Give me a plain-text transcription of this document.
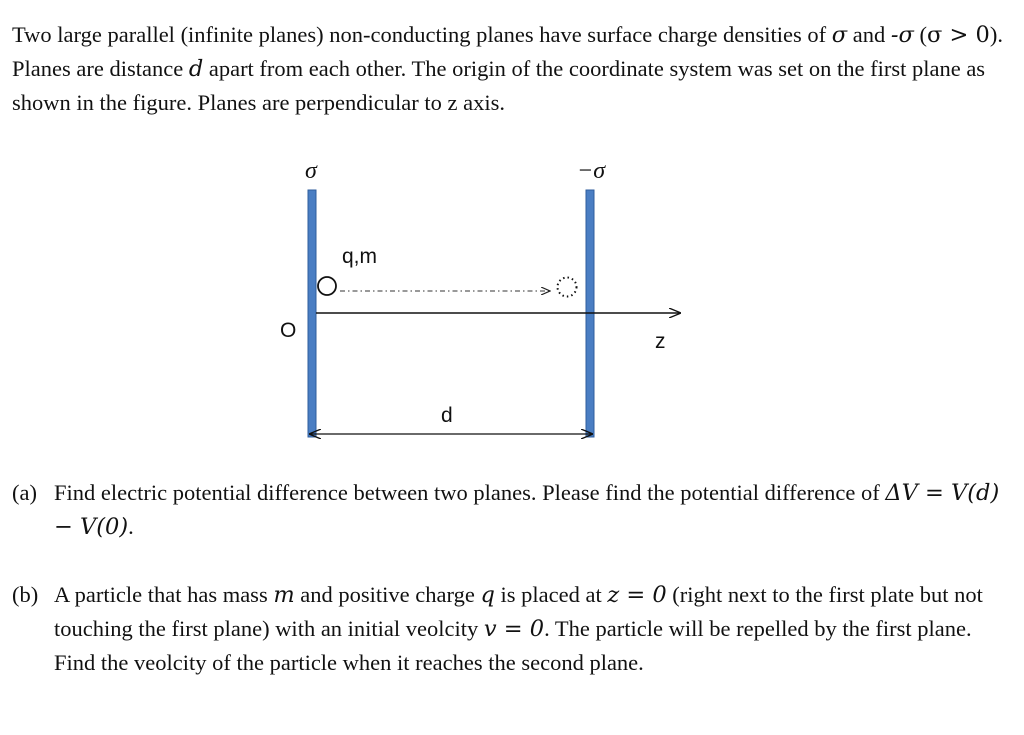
Two large parallel (infinite planes) non-conducting planes have surface charge densities of σ and -σ (σ > 0). Planes are distance d apart from each other. The origin of the coordinate system was set on the first plane as shown in the figure. Planes are perpendicular to z axis.

σ	−σ
q,m
O	z
d
(a) Find electric potential difference between two planes. Please find the potential difference of ΔV = V(d) − V(0).
(b) A particle that has mass m and positive charge q is placed at z = 0 (right next to the first plate but not touching the first plane) with an initial veolcity v = 0. The particle will be repelled by the first plane. Find the veolcity of the particle when it reaches the second plane.
